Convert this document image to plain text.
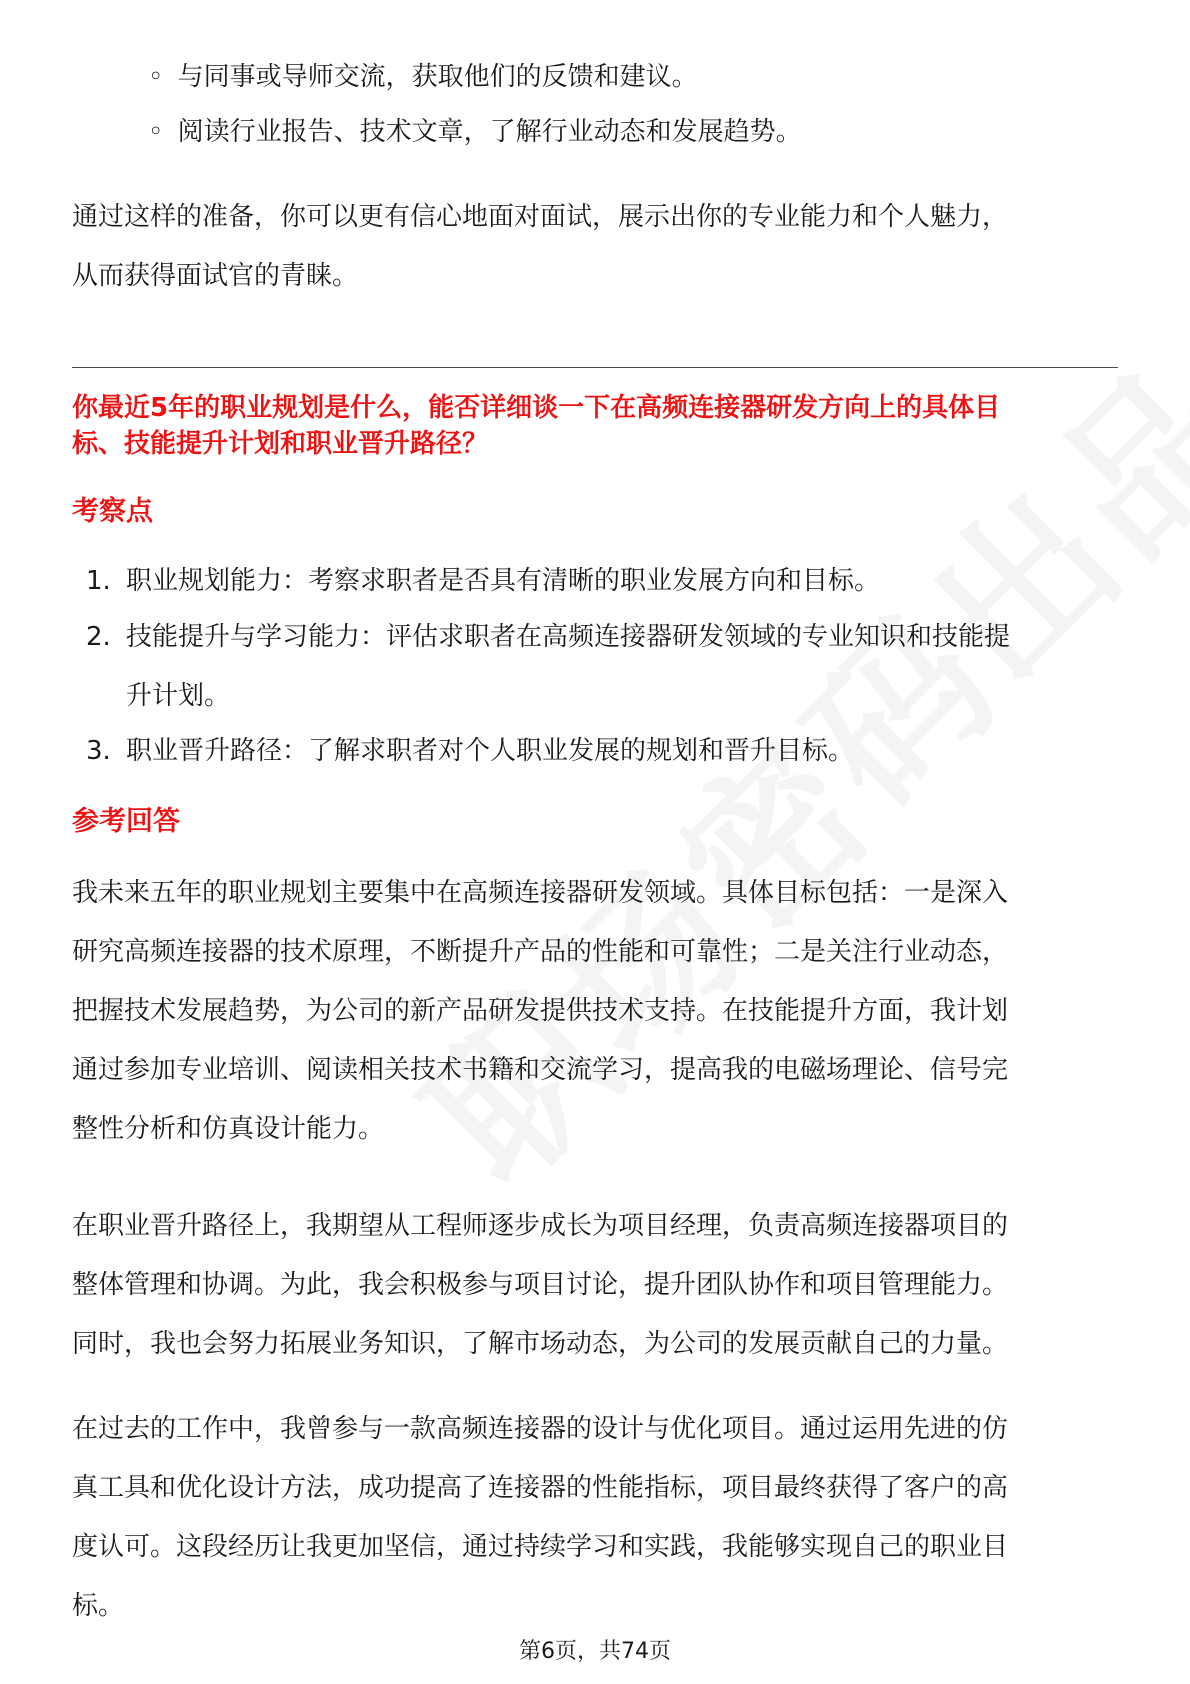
◦ 与同事或导师交流，获取他们的反馈和建议。
◦ 阅读行业报告、技术文章，了解行业动态和发展趋势。
通过这样的准备，你可以更有信心地面对面试，展示出你的专业能力和个人魅力，
从而获得面试官的青睐。
你最近5年的职业规划是什么，能否详细谈一下在高频连接器研发方向上的具体目
标、技能提升计划和职业晋升路径？
考察点
1. 职业规划能力：考察求职者是否具有清晰的职业发展方向和目标。
2. 技能提升与学习能力：评估求职者在高频连接器研发领域的专业知识和技能提
升计划。
3. 职业晋升路径：了解求职者对个人职业发展的规划和晋升目标。
参考回答
我未来五年的职业规划主要集中在高频连接器研发领域。具体目标包括：一是深入
研究高频连接器的技术原理，不断提升产品的性能和可靠性；二是关注行业动态，
把握技术发展趋势，为公司的新产品研发提供技术支持。在技能提升方面，我计划
通过参加专业培训、阅读相关技术书籍和交流学习，提高我的电磁场理论、信号完
整性分析和仿真设计能力。
在职业晋升路径上，我期望从工程师逐步成长为项目经理，负责高频连接器项目的
整体管理和协调。为此，我会积极参与项目讨论，提升团队协作和项目管理能力。
同时，我也会努力拓展业务知识，了解市场动态，为公司的发展贡献自己的力量。
在过去的工作中，我曾参与一款高频连接器的设计与优化项目。通过运用先进的仿
真工具和优化设计方法，成功提高了连接器的性能指标，项目最终获得了客户的高
度认可。这段经历让我更加坚信，通过持续学习和实践，我能够实现自己的职业目
标。
第6页，共74页
